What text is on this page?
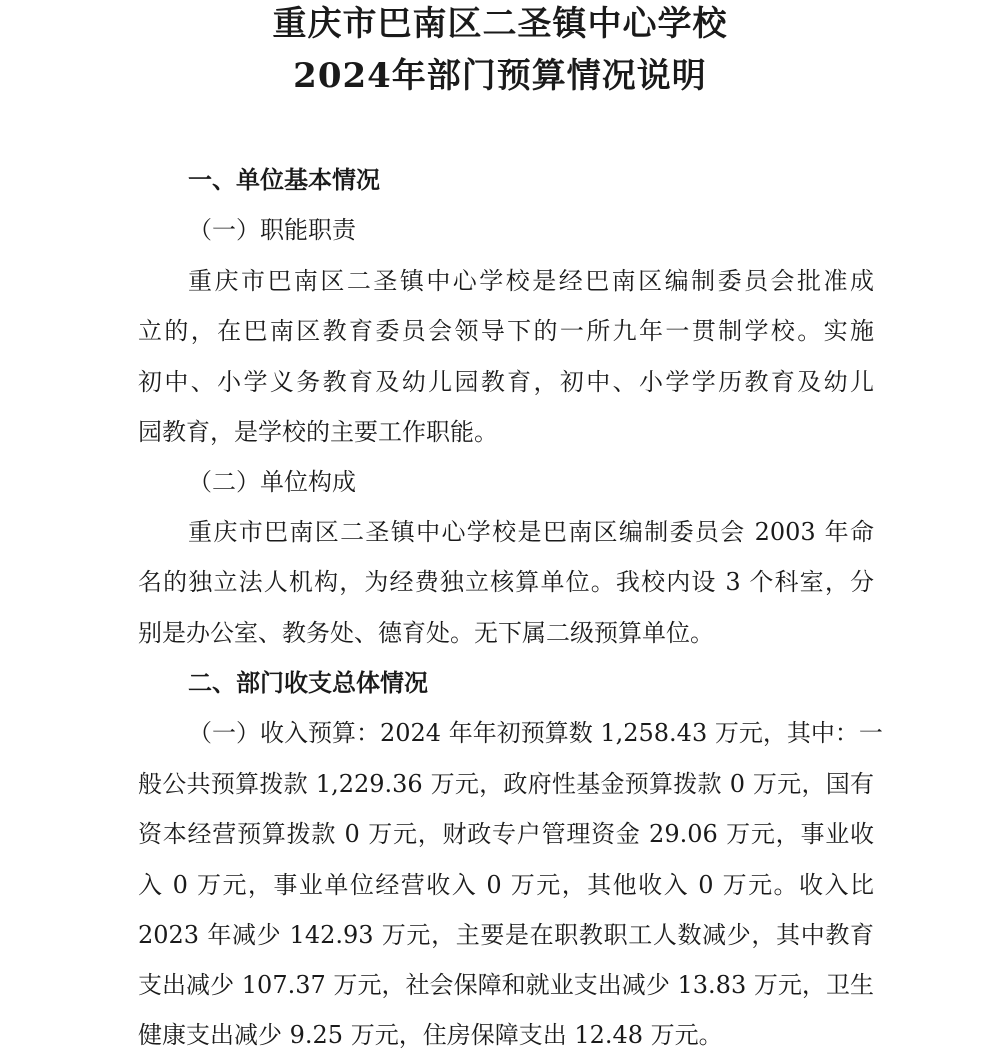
重庆市巴南区二圣镇中心学校
2024年部门预算情况说明

一、单位基本情况

（一）职能职责

重庆市巴南区二圣镇中心学校是经巴南区编制委员会批准成

立的，在巴南区教育委员会领导下的一所九年一贯制学校。实施

初中、小学义务教育及幼儿园教育，初中、小学学历教育及幼儿

园教育，是学校的主要工作职能。

（二）单位构成

重庆市巴南区二圣镇中心学校是巴南区编制委员会 2003 年命

名的独立法人机构，为经费独立核算单位。我校内设 3 个科室，分

别是办公室、教务处、德育处。无下属二级预算单位。

二、部门收支总体情况

（一）收入预算：2024 年年初预算数 1,258.43 万元，其中：一

般公共预算拨款 1,229.36 万元，政府性基金预算拨款 0 万元，国有

资本经营预算拨款 0 万元，财政专户管理资金 29.06 万元，事业收

入 0 万元，事业单位经营收入 0 万元，其他收入 0 万元。收入比

2023 年减少 142.93 万元，主要是在职教职工人数减少，其中教育

支出减少 107.37 万元，社会保障和就业支出减少 13.83 万元，卫生

健康支出减少 9.25 万元，住房保障支出 12.48 万元。
